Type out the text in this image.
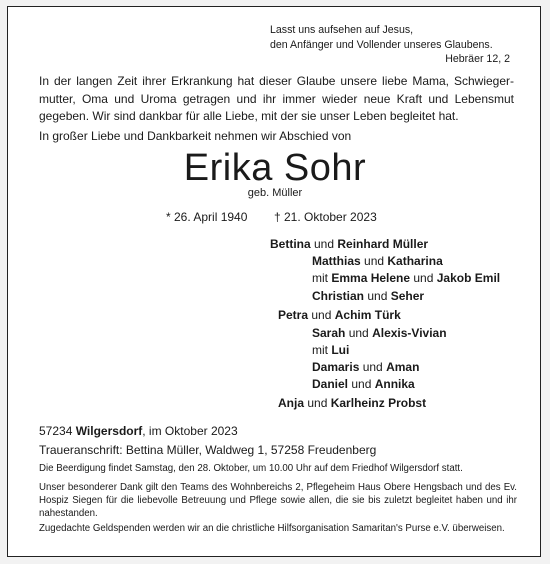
Lasst uns aufsehen auf Jesus,
den Anfänger und Vollender unseres Glaubens.
Hebräer 12, 2
In der langen Zeit ihrer Erkrankung hat dieser Glaube unsere liebe Mama, Schwiegermutter, Oma und Uroma getragen und ihr immer wieder neue Kraft und Lebensmut gegeben. Wir sind dankbar für alle Liebe, mit der sie unser Leben begleitet hat.
In großer Liebe und Dankbarkeit nehmen wir Abschied von
Erika Sohr
geb. Müller
* 26. April 1940 † 21. Oktober 2023
Bettina und Reinhard Müller
Matthias und Katharina
mit Emma Helene und Jakob Emil
Christian und Seher
Petra und Achim Türk
Sarah und Alexis-Vivian
mit Lui
Damaris und Aman
Daniel und Annika
Anja und Karlheinz Probst
57234 Wilgersdorf, im Oktober 2023
Traueranschrift: Bettina Müller, Waldweg 1, 57258 Freudenberg
Die Beerdigung findet Samstag, den 28. Oktober, um 10.00 Uhr auf dem Friedhof Wilgersdorf statt.
Unser besonderer Dank gilt den Teams des Wohnbereichs 2, Pflegeheim Haus Obere Hengsbach und des Ev. Hospiz Siegen für die liebevolle Betreuung und Pflege sowie allen, die sie bis zuletzt begleitet haben und ihr nahestanden.
Zugedachte Geldspenden werden wir an die christliche Hilfsorganisation Samaritan's Purse e.V. überweisen.
